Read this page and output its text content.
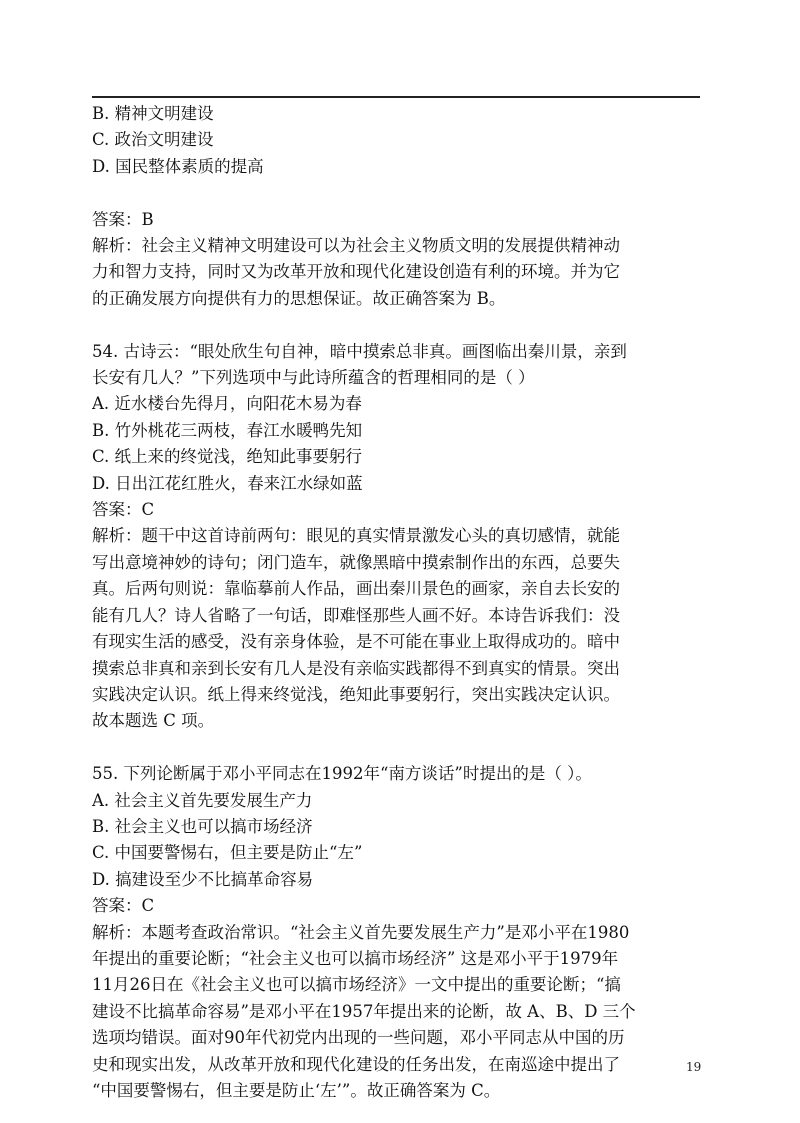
B. 精神文明建设
C. 政治文明建设
D. 国民整体素质的提高
答案：B
解析：社会主义精神文明建设可以为社会主义物质文明的发展提供精神动
力和智力支持，同时又为改革开放和现代化建设创造有利的环境。并为它
的正确发展方向提供有力的思想保证。故正确答案为 B。
54. 古诗云：“眼处欣生句自神，暗中摸索总非真。画图临出秦川景，亲到
长安有几人？”下列选项中与此诗所蕴含的哲理相同的是（ ）
A. 近水楼台先得月，向阳花木易为春
B. 竹外桃花三两枝，春江水暖鸭先知
C. 纸上来的终觉浅，绝知此事要躬行
D. 日出江花红胜火，春来江水绿如蓝
答案：C
解析：题干中这首诗前两句：眼见的真实情景激发心头的真切感情，就能
写出意境神妙的诗句；闭门造车，就像黑暗中摸索制作出的东西，总要失
真。后两句则说：靠临摹前人作品，画出秦川景色的画家，亲自去长安的
能有几人？诗人省略了一句话，即难怪那些人画不好。本诗告诉我们：没
有现实生活的感受，没有亲身体验，是不可能在事业上取得成功的。暗中
摸索总非真和亲到长安有几人是没有亲临实践都得不到真实的情景。突出
实践决定认识。纸上得来终觉浅，绝知此事要躬行，突出实践决定认识。
故本题选 C 项。
55. 下列论断属于邓小平同志在1992年“南方谈话”时提出的是（ ）。
A. 社会主义首先要发展生产力
B. 社会主义也可以搞市场经济
C. 中国要警惕右，但主要是防止“左”
D. 搞建设至少不比搞革命容易
答案：C
解析：本题考查政治常识。“社会主义首先要发展生产力”是邓小平在1980
年提出的重要论断；“社会主义也可以搞市场经济” 这是邓小平于1979年
11月26日在《社会主义也可以搞市场经济》一文中提出的重要论断；“搞
建设不比搞革命容易”是邓小平在1957年提出来的论断，故 A、B、D 三个
选项均错误。面对90年代初党内出现的一些问题，邓小平同志从中国的历
史和现实出发，从改革开放和现代化建设的任务出发，在南巡途中提出了
“中国要警惕右，但主要是防止‘左’”。故正确答案为 C。
19
